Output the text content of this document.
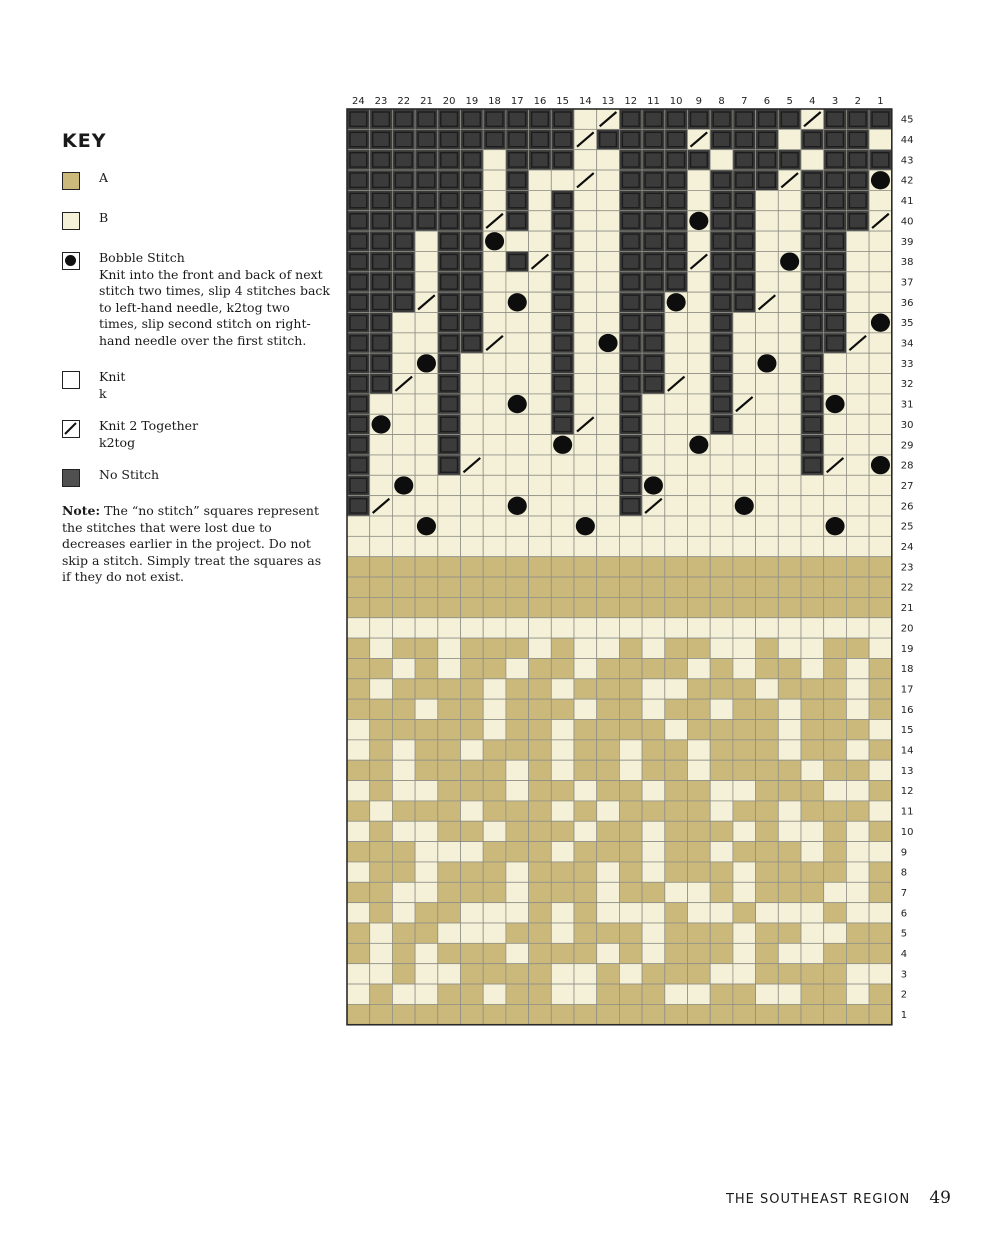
KEY
A
B
Bobble Stitch
Knit into the front and back of next stitch two times, slip 4 stitches back to left-hand needle, k2tog two times, slip second stitch on right-hand needle over the first stitch.
Knit
k
Knit 2 Together
k2tog
No Stitch
Note: The “no stitch” squares represent the stitches that were lost due to decreases earlier in the project. Do not skip a stitch. Simply treat the squares as if they do not exist.
24 23 22 21 20 19 18 17 16 15 14 13 12 11 10 9 8 7 6 5 4 3 2 1
45
44
43
42
41
40
39
38
37
36
35
34
33
32
31
30
29
28
27
26
25
24
23
22
21
20
19
18
17
16
15
14
13
12
11
10
9
8
7
6
5
4
3
2
1
THE SOUTHEAST REGION 49
